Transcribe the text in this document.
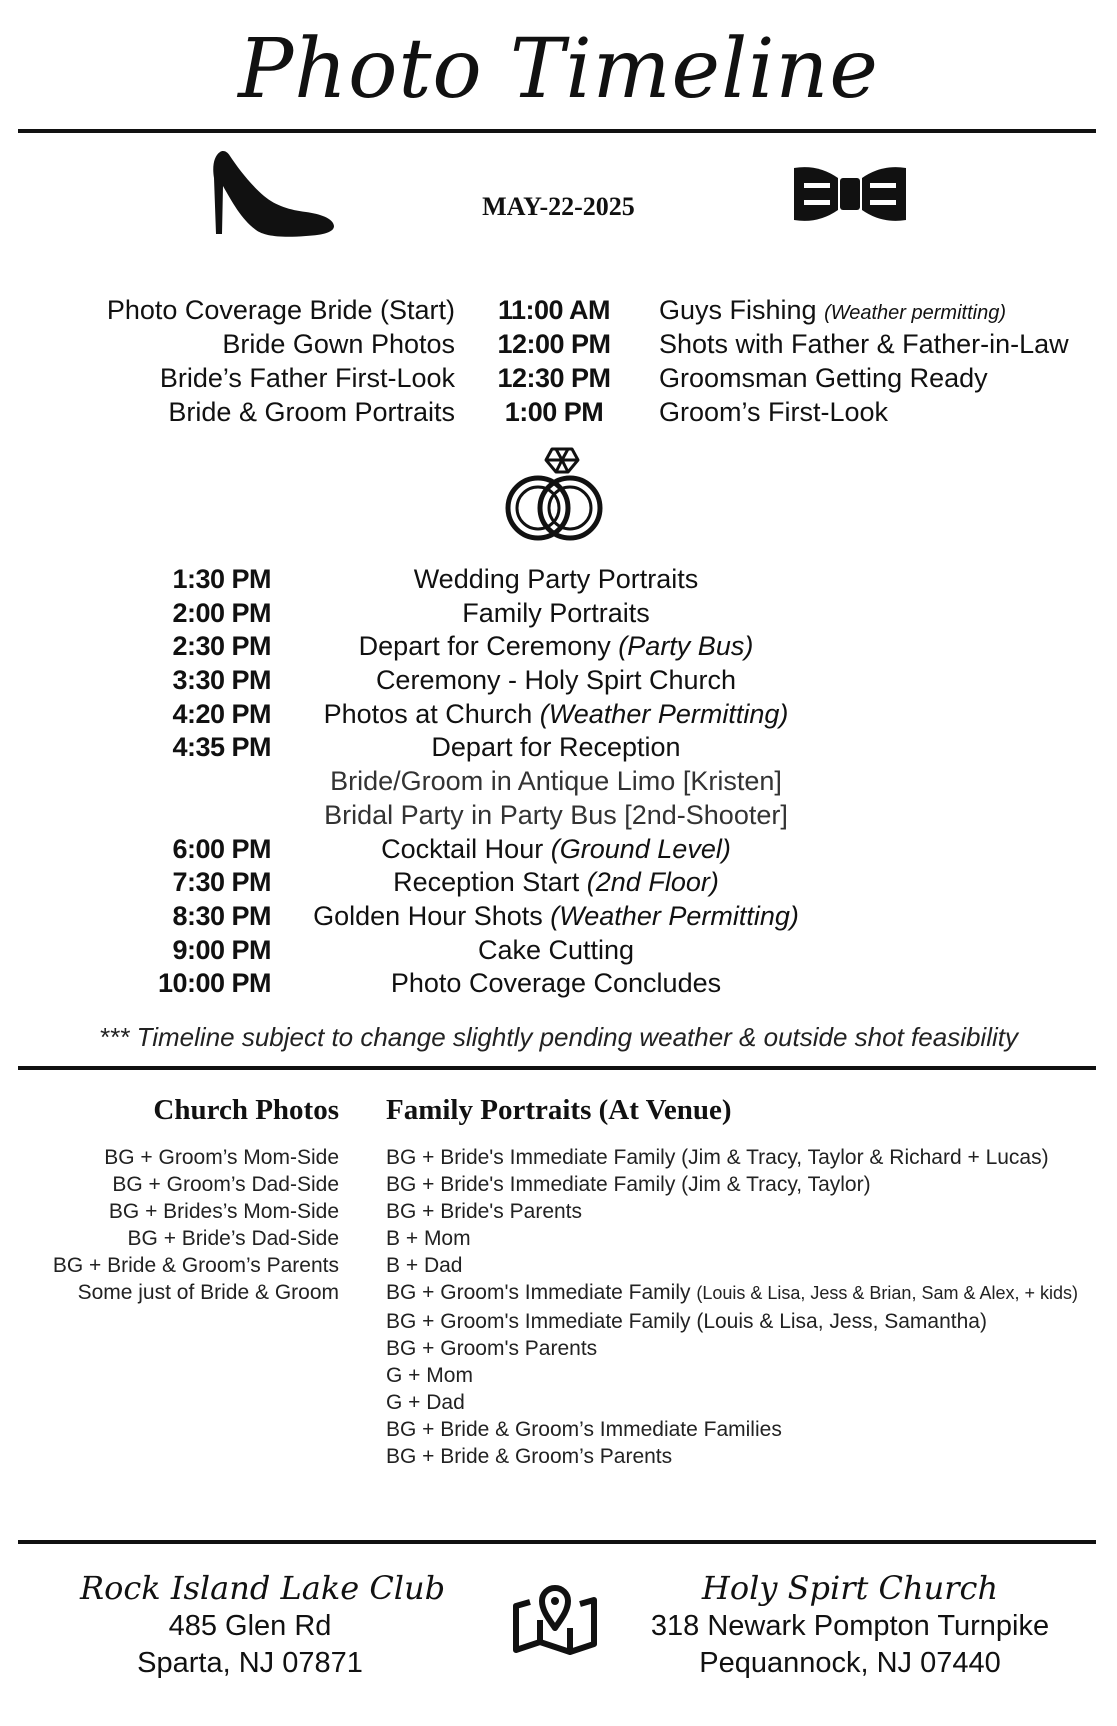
Photo Timeline
MAY-22-2025
Photo Coverage Bride (Start)	11:00 AM	Guys Fishing (Weather permitting)
Bride Gown Photos	12:00 PM	Shots with Father & Father-in-Law
Bride’s Father First-Look	12:30 PM	Groomsman Getting Ready
Bride & Groom Portraits	1:00 PM	Groom’s First-Look
1:30 PM	Wedding Party Portraits
2:00 PM	Family Portraits
2:30 PM	Depart for Ceremony (Party Bus)
3:30 PM	Ceremony - Holy Spirt Church
4:20 PM	Photos at Church (Weather Permitting)
4:35 PM	Depart for Reception
Bride/Groom in Antique Limo [Kristen]
Bridal Party in Party Bus [2nd-Shooter]
6:00 PM	Cocktail Hour (Ground Level)
7:30 PM	Reception Start (2nd Floor)
8:30 PM	Golden Hour Shots (Weather Permitting)
9:00 PM	Cake Cutting
10:00 PM	Photo Coverage Concludes
*** Timeline subject to change slightly pending weather & outside shot feasibility
Church Photos Family Portraits (At Venue)
BG + Groom’s Mom-Side
BG + Groom’s Dad-Side
BG + Brides’s Mom-Side
BG + Bride’s Dad-Side
BG + Bride & Groom’s Parents
Some just of Bride & Groom
BG + Bride's Immediate Family (Jim & Tracy, Taylor & Richard + Lucas)
BG + Bride's Immediate Family (Jim & Tracy, Taylor)
BG + Bride's Parents
B + Mom
B + Dad
BG + Groom's Immediate Family (Louis & Lisa, Jess & Brian, Sam & Alex, + kids)
BG + Groom's Immediate Family (Louis & Lisa, Jess, Samantha)
BG + Groom's Parents
G + Mom
G + Dad
BG + Bride & Groom’s Immediate Families
BG + Bride & Groom’s Parents
Rock Island Lake Club
485 Glen Rd
Sparta, NJ 07871
Holy Spirt Church
318 Newark Pompton Turnpike
Pequannock, NJ 07440
